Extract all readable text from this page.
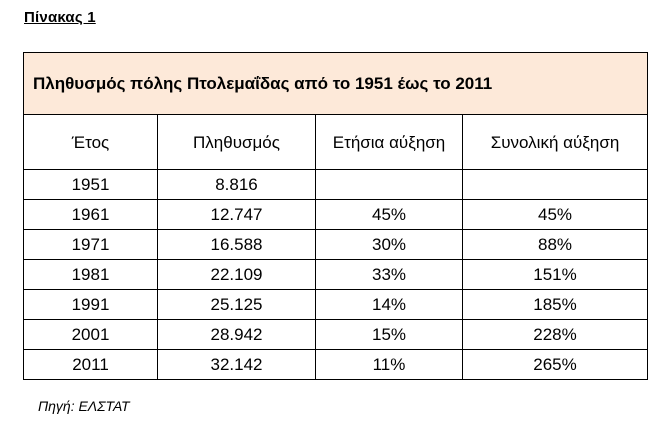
Πίνακας 1
Πληθυσμός πόλης Πτολεμαΐδας από το 1951 έως το 2011			
Έτος	Πληθυσμός	Ετήσια αύξηση	Συνολική αύξηση
1951	8.816		
1961	12.747	45%	45%
1971	16.588	30%	88%
1981	22.109	33%	151%
1991	25.125	14%	185%
2001	28.942	15%	228%
2011	32.142	11%	265%
Πηγή: ΕΛΣΤΑΤ
